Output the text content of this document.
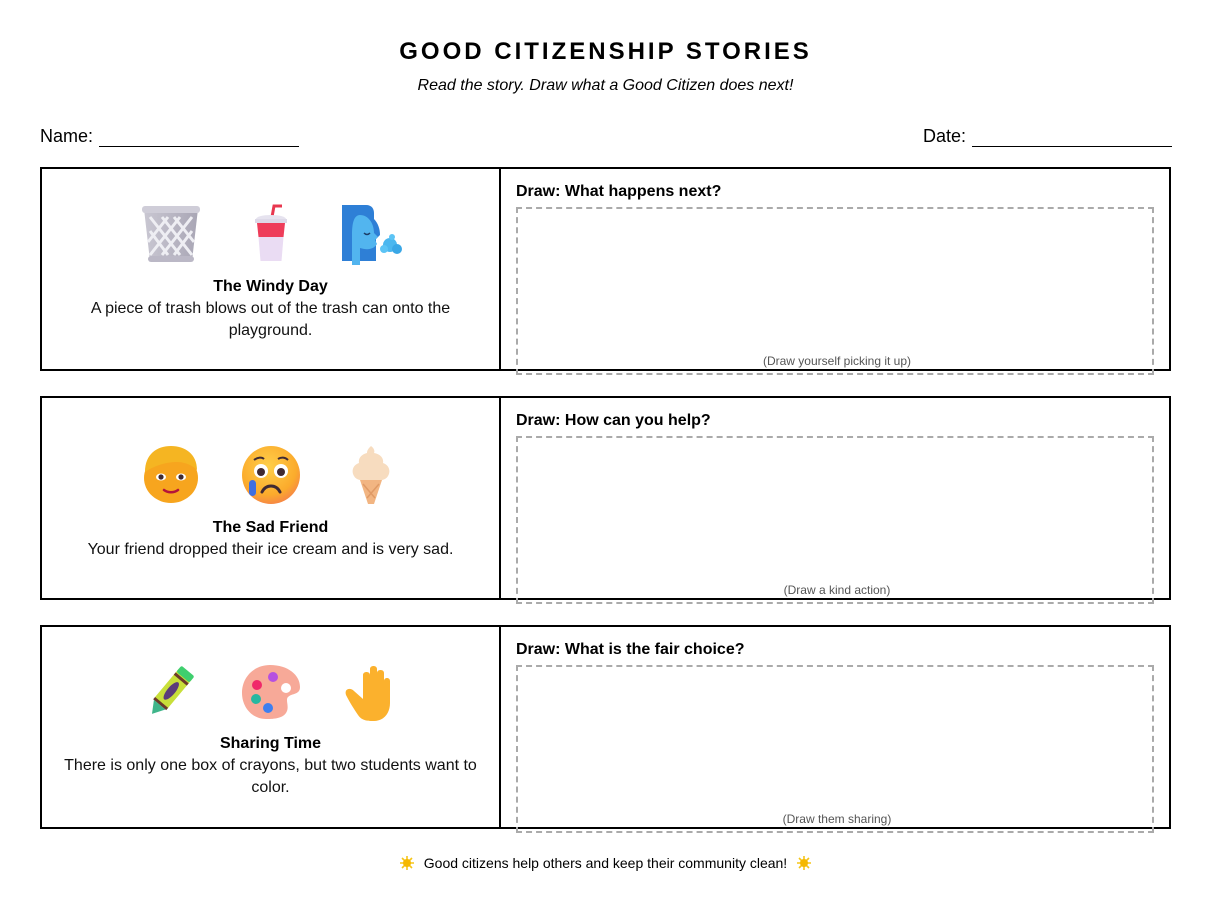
GOOD CITIZENSHIP STORIES
Read the story. Draw what a Good Citizen does next!
Name:	Date:
The Windy Day
A piece of trash blows out of the trash can onto the playground.
Draw: What happens next?
(Draw yourself picking it up)
The Sad Friend
Your friend dropped their ice cream and is very sad.
Draw: How can you help?
(Draw a kind action)
Sharing Time
There is only one box of crayons, but two students want to color.
Draw: What is the fair choice?
(Draw them sharing)
Good citizens help others and keep their community clean!
